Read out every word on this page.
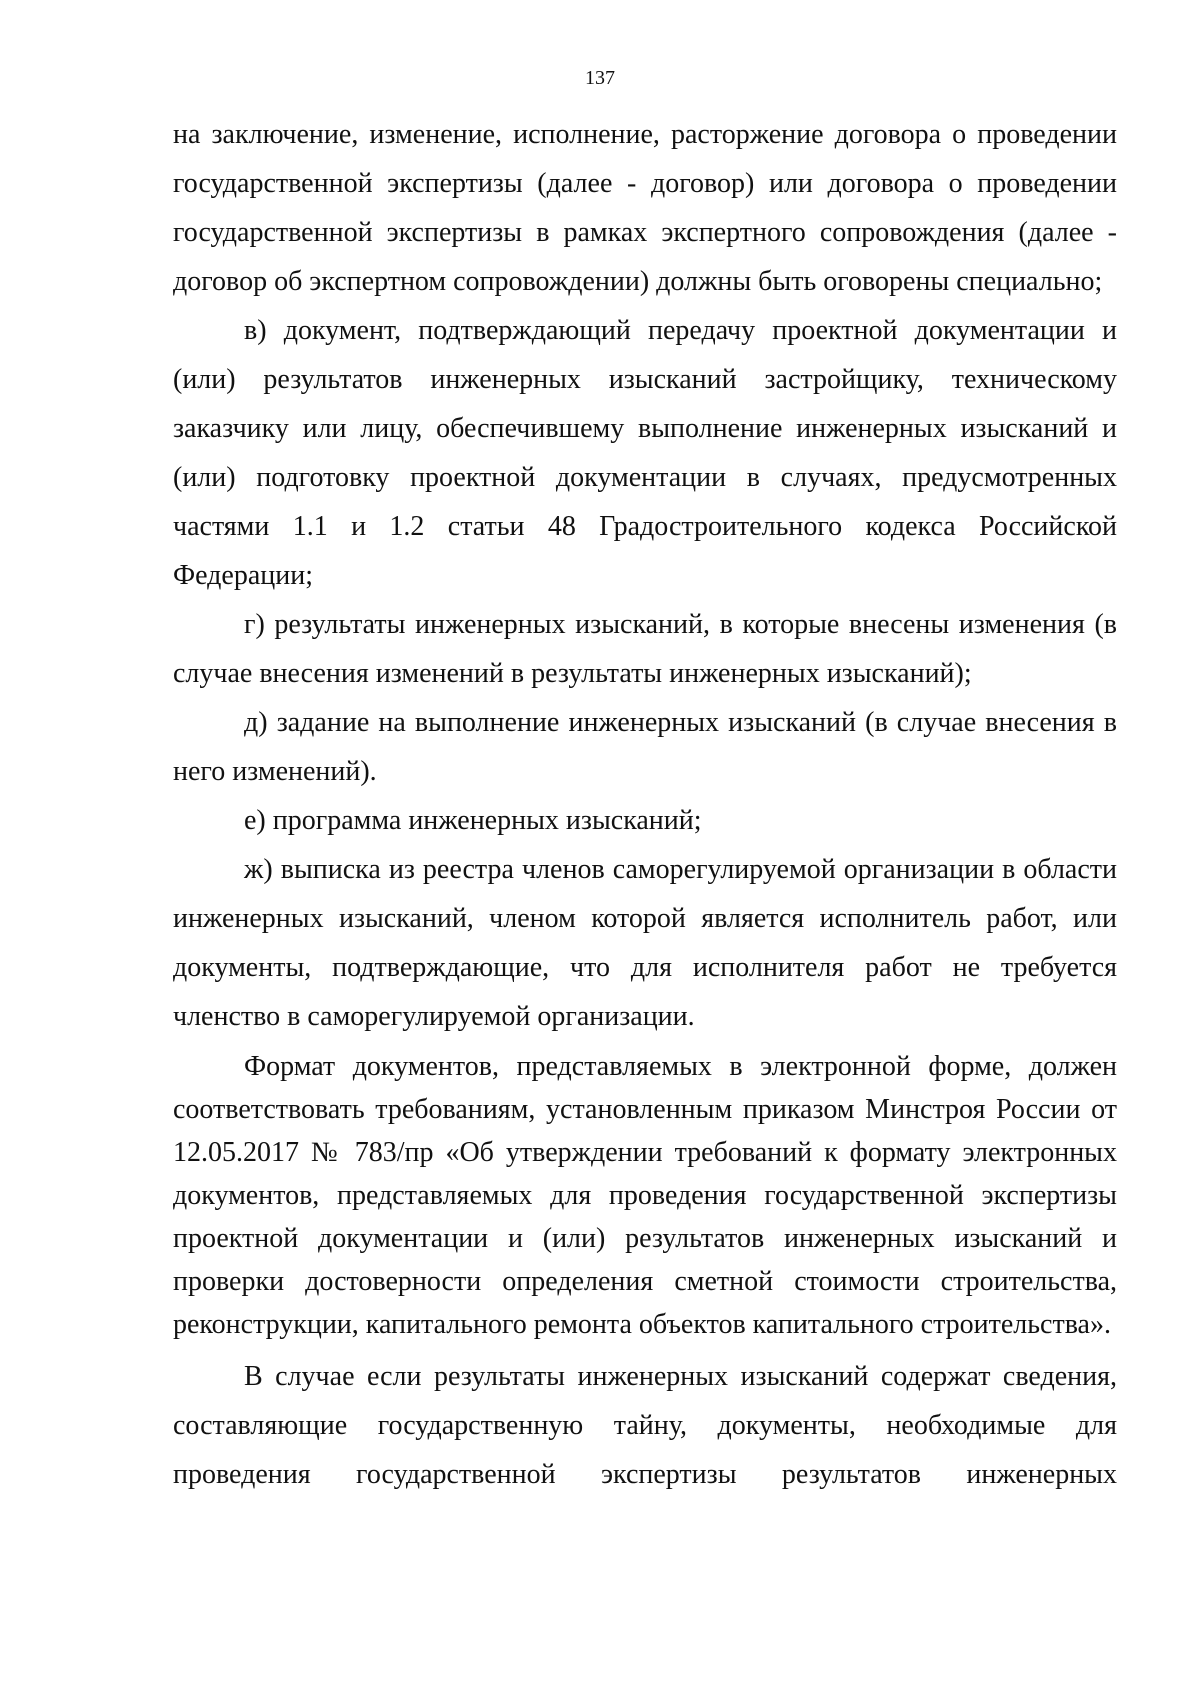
137

на заключение, изменение, исполнение, расторжение договора о проведении государственной экспертизы (далее - договор) или договора о проведении государственной экспертизы в рамках экспертного сопровождения (далее - договор об экспертном сопровождении) должны быть оговорены специально;

в) документ, подтверждающий передачу проектной документации и (или) результатов инженерных изысканий застройщику, техническому заказчику или лицу, обеспечившему выполнение инженерных изысканий и (или) подготовку проектной документации в случаях, предусмотренных частями 1.1 и 1.2 статьи 48 Градостроительного кодекса Российской Федерации;

г) результаты инженерных изысканий, в которые внесены изменения (в случае внесения изменений в результаты инженерных изысканий);

д) задание на выполнение инженерных изысканий (в случае внесения в него изменений).

е) программа инженерных изысканий;

ж) выписка из реестра членов саморегулируемой организации в области инженерных изысканий, членом которой является исполнитель работ, или документы, подтверждающие, что для исполнителя работ не требуется членство в саморегулируемой организации.

Формат документов, представляемых в электронной форме, должен соответствовать требованиям, установленным приказом Минстроя России от 12.05.2017 № 783/пр «Об утверждении требований к формату электронных документов, представляемых для проведения государственной экспертизы проектной документации и (или) результатов инженерных изысканий и проверки достоверности определения сметной стоимости строительства, реконструкции, капитального ремонта объектов капитального строительства».

В случае если результаты инженерных изысканий содержат сведения, составляющие государственную тайну, документы, необходимые для проведения государственной экспертизы результатов инженерных
